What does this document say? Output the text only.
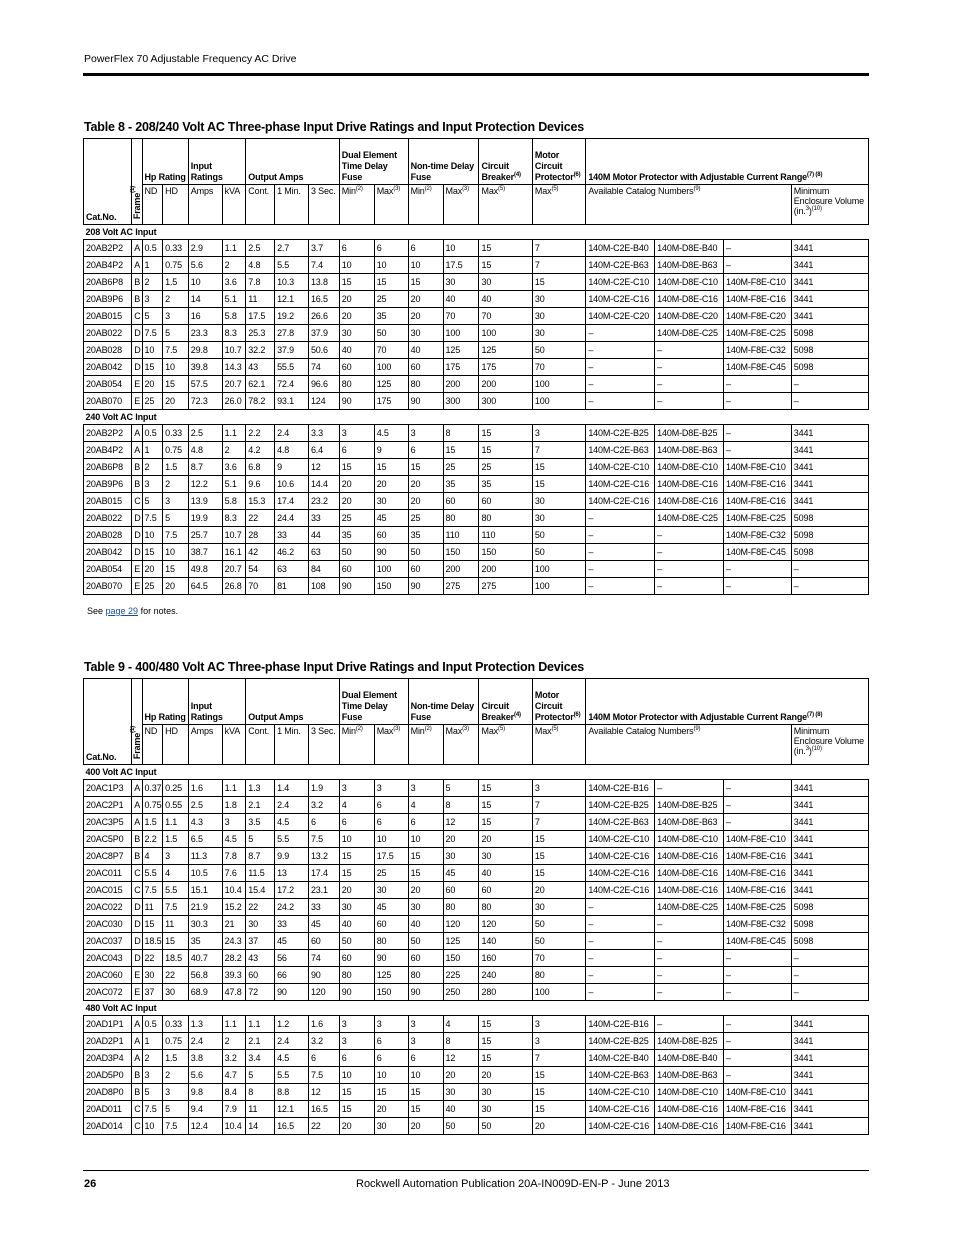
PowerFlex 70 Adjustable Frequency AC Drive
Table 8 - 208/240 Volt AC Three-phase Input Drive Ratings and Input Protection Devices
Cat.No.	Frame$^{(1)}$	Hp Rating		Input Ratings		Output Amps			Dual Element Time Delay Fuse		Non-time Delay Fuse		Circuit Breaker$^{(4)}$	Motor Circuit Protector$^{(6)}$	140M Motor Protector with Adjustable Current Range$^{(7) (8)}$
		ND	HD	Amps	kVA	Cont.	1 Min.	3 Sec.	Min$^{(2)}$	Max$^{(3)}$	Min$^{(2)}$	Max$^{(3)}$	Max$^{(5)}$	Max$^{(5)}$	Available Catalog Numbers$^{(9)}$			Minimum Enclosure Volume $(in.^3)^{(10)}$
208 Volt AC Input																		
20AB2P2	A	0.5	0.33	2.9	1.1	2.5	2.7	3.7	6	6	6	10	15	7	140M-C2E-B40	140M-D8E-B40	–	3441
20AB4P2	A	1	0.75	5.6	2	4.8	5.5	7.4	10	10	10	17.5	15	7	140M-C2E-B63	140M-D8E-B63	–	3441
20AB6P8	B	2	1.5	10	3.6	7.8	10.3	13.8	15	15	15	30	30	15	140M-C2E-C10	140M-D8E-C10	140M-F8E-C10	3441
20AB9P6	B	3	2	14	5.1	11	12.1	16.5	20	25	20	40	40	30	140M-C2E-C16	140M-D8E-C16	140M-F8E-C16	3441
20AB015	C	5	3	16	5.8	17.5	19.2	26.6	20	35	20	70	70	30	140M-C2E-C20	140M-D8E-C20	140M-F8E-C20	3441
20AB022	D	7.5	5	23.3	8.3	25.3	27.8	37.9	30	50	30	100	100	30	–	140M-D8E-C25	140M-F8E-C25	5098
20AB028	D	10	7.5	29.8	10.7	32.2	37.9	50.6	40	70	40	125	125	50	–	–	140M-F8E-C32	5098
20AB042	D	15	10	39.8	14.3	43	55.5	74	60	100	60	175	175	70	–	–	140M-F8E-C45	5098
20AB054	E	20	15	57.5	20.7	62.1	72.4	96.6	80	125	80	200	200	100	–	–	–	–
20AB070	E	25	20	72.3	26.0	78.2	93.1	124	90	175	90	300	300	100	–	–	–	–
240 Volt AC Input																		
20AB2P2	A	0.5	0.33	2.5	1.1	2.2	2.4	3.3	3	4.5	3	8	15	3	140M-C2E-B25	140M-D8E-B25	–	3441
20AB4P2	A	1	0.75	4.8	2	4.2	4.8	6.4	6	9	6	15	15	7	140M-C2E-B63	140M-D8E-B63	–	3441
20AB6P8	B	2	1.5	8.7	3.6	6.8	9	12	15	15	15	25	25	15	140M-C2E-C10	140M-D8E-C10	140M-F8E-C10	3441
20AB9P6	B	3	2	12.2	5.1	9.6	10.6	14.4	20	20	20	35	35	15	140M-C2E-C16	140M-D8E-C16	140M-F8E-C16	3441
20AB015	C	5	3	13.9	5.8	15.3	17.4	23.2	20	30	20	60	60	30	140M-C2E-C16	140M-D8E-C16	140M-F8E-C16	3441
20AB022	D	7.5	5	19.9	8.3	22	24.4	33	25	45	25	80	80	30	–	140M-D8E-C25	140M-F8E-C25	5098
20AB028	D	10	7.5	25.7	10.7	28	33	44	35	60	35	110	110	50	–	–	140M-F8E-C32	5098
20AB042	D	15	10	38.7	16.1	42	46.2	63	50	90	50	150	150	50	–	–	140M-F8E-C45	5098
20AB054	E	20	15	49.8	20.7	54	63	84	60	100	60	200	200	100	–	–	–	–
20AB070	E	25	20	64.5	26.8	70	81	108	90	150	90	275	275	100	–	–	–	–
See page 29 for notes.
Table 9 - 400/480 Volt AC Three-phase Input Drive Ratings and Input Protection Devices
Cat.No.	Frame$^{(1)}$	Hp Rating		Input Ratings		Output Amps			Dual Element Time Delay Fuse		Non-time Delay Fuse		Circuit Breaker$^{(4)}$	Motor Circuit Protector$^{(6)}$	140M Motor Protector with Adjustable Current Range$^{(7) (8)}$
		ND	HD	Amps	kVA	Cont.	1 Min.	3 Sec.	Min$^{(2)}$	Max$^{(3)}$	Min$^{(2)}$	Max$^{(3)}$	Max$^{(5)}$	Max$^{(5)}$	Available Catalog Numbers$^{(9)}$			Minimum Enclosure Volume $(in.^3)^{(10)}$
400 Volt AC Input																		
20AC1P3	A	0.37	0.25	1.6	1.1	1.3	1.4	1.9	3	3	3	5	15	3	140M-C2E-B16	–	–	3441
20AC2P1	A	0.75	0.55	2.5	1.8	2.1	2.4	3.2	4	6	4	8	15	7	140M-C2E-B25	140M-D8E-B25	–	3441
20AC3P5	A	1.5	1.1	4.3	3	3.5	4.5	6	6	6	6	12	15	7	140M-C2E-B63	140M-D8E-B63	–	3441
20AC5P0	B	2.2	1.5	6.5	4.5	5	5.5	7.5	10	10	10	20	20	15	140M-C2E-C10	140M-D8E-C10	140M-F8E-C10	3441
20AC8P7	B	4	3	11.3	7.8	8.7	9.9	13.2	15	17.5	15	30	30	15	140M-C2E-C16	140M-D8E-C16	140M-F8E-C16	3441
20AC011	C	5.5	4	10.5	7.6	11.5	13	17.4	15	25	15	45	40	15	140M-C2E-C16	140M-D8E-C16	140M-F8E-C16	3441
20AC015	C	7.5	5.5	15.1	10.4	15.4	17.2	23.1	20	30	20	60	60	20	140M-C2E-C16	140M-D8E-C16	140M-F8E-C16	3441
20AC022	D	11	7.5	21.9	15.2	22	24.2	33	30	45	30	80	80	30	–	140M-D8E-C25	140M-F8E-C25	5098
20AC030	D	15	11	30.3	21	30	33	45	40	60	40	120	120	50	–	–	140M-F8E-C32	5098
20AC037	D	18.5	15	35	24.3	37	45	60	50	80	50	125	140	50	–	–	140M-F8E-C45	5098
20AC043	D	22	18.5	40.7	28.2	43	56	74	60	90	60	150	160	70	–	–	–	–
20AC060	E	30	22	56.8	39.3	60	66	90	80	125	80	225	240	80	–	–	–	–
20AC072	E	37	30	68.9	47.8	72	90	120	90	150	90	250	280	100	–	–	–	–
480 Volt AC Input																		
20AD1P1	A	0.5	0.33	1.3	1.1	1.1	1.2	1.6	3	3	3	4	15	3	140M-C2E-B16	–	–	3441
20AD2P1	A	1	0.75	2.4	2	2.1	2.4	3.2	3	6	3	8	15	3	140M-C2E-B25	140M-D8E-B25	–	3441
20AD3P4	A	2	1.5	3.8	3.2	3.4	4.5	6	6	6	6	12	15	7	140M-C2E-B40	140M-D8E-B40	–	3441
20AD5P0	B	3	2	5.6	4.7	5	5.5	7.5	10	10	10	20	20	15	140M-C2E-B63	140M-D8E-B63	–	3441
20AD8P0	B	5	3	9.8	8.4	8	8.8	12	15	15	15	30	30	15	140M-C2E-C10	140M-D8E-C10	140M-F8E-C10	3441
20AD011	C	7.5	5	9.4	7.9	11	12.1	16.5	15	20	15	40	30	15	140M-C2E-C16	140M-D8E-C16	140M-F8E-C16	3441
20AD014	C	10	7.5	12.4	10.4	14	16.5	22	20	30	20	50	50	20	140M-C2E-C16	140M-D8E-C16	140M-F8E-C16	3441
26	Rockwell Automation Publication 20A-IN009D-EN-P - June 2013
